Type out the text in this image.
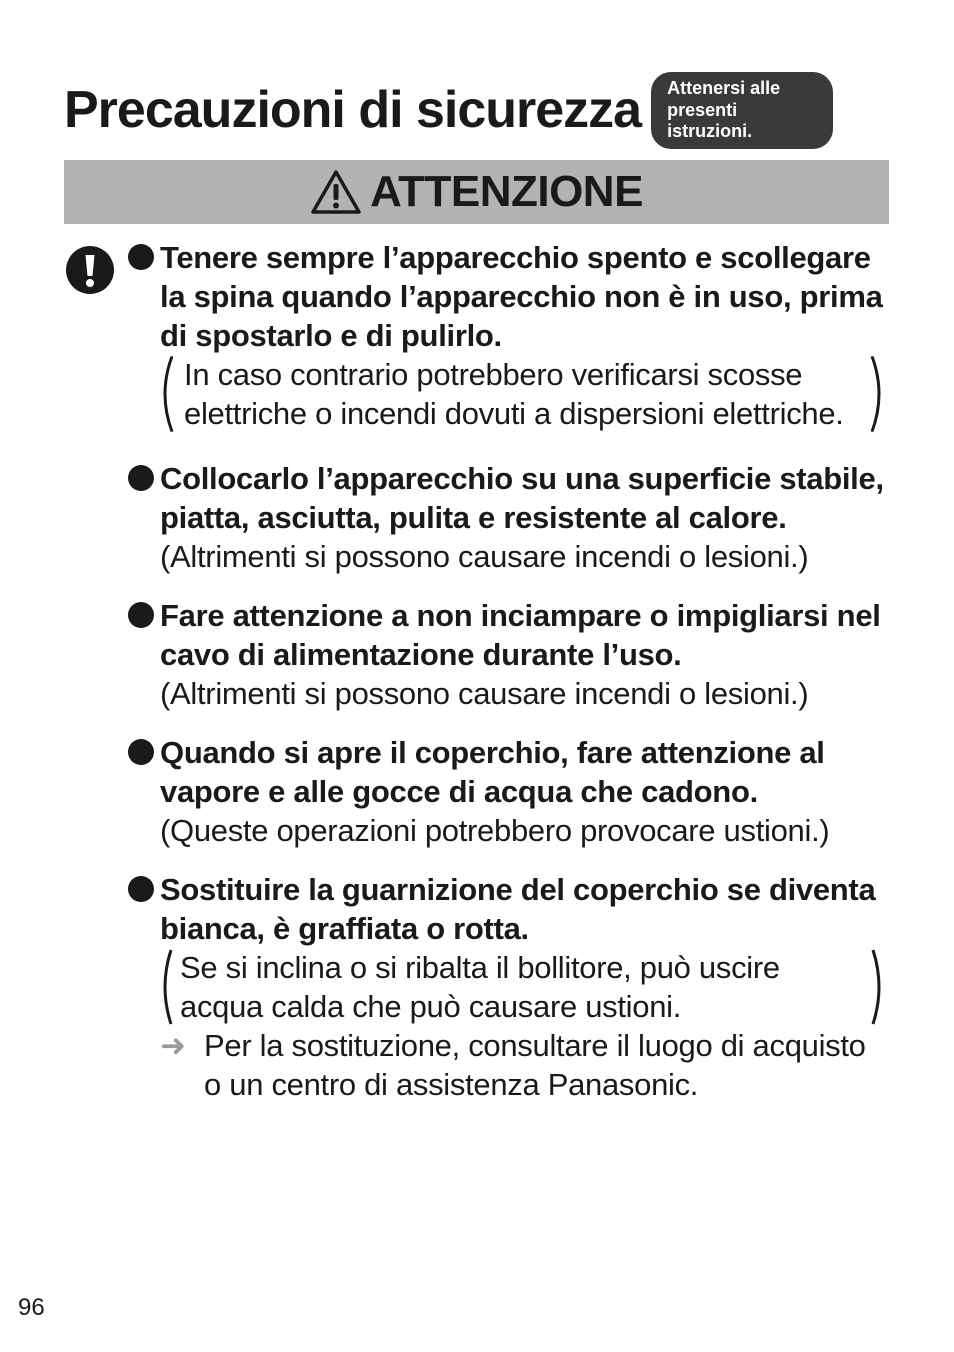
Precauzioni di sicurezza	Attenersi alle presenti istruzioni.
ATTENZIONE
Tenere sempre l’apparecchio spento e scollegare la spina quando l’apparecchio non è in uso, prima di spostarlo e di pulirlo.
In caso contrario potrebbero verificarsi scosse elettriche o incendi dovuti a dispersioni elettriche.
Collocarlo l’apparecchio su una superficie stabile, piatta, asciutta, pulita e resistente al calore.
(Altrimenti si possono causare incendi o lesioni.)
Fare attenzione a non inciampare o impigliarsi nel cavo di alimentazione durante l’uso.
(Altrimenti si possono causare incendi o lesioni.)
Quando si apre il coperchio, fare attenzione al vapore e alle gocce di acqua che cadono.
(Queste operazioni potrebbero provocare ustioni.)
Sostituire la guarnizione del coperchio se diventa bianca, è graffiata o rotta.
Se si inclina o si ribalta il bollitore, può uscire acqua calda che può causare ustioni.
➜ Per la sostituzione, consultare il luogo di acquisto o un centro di assistenza Panasonic.
96
